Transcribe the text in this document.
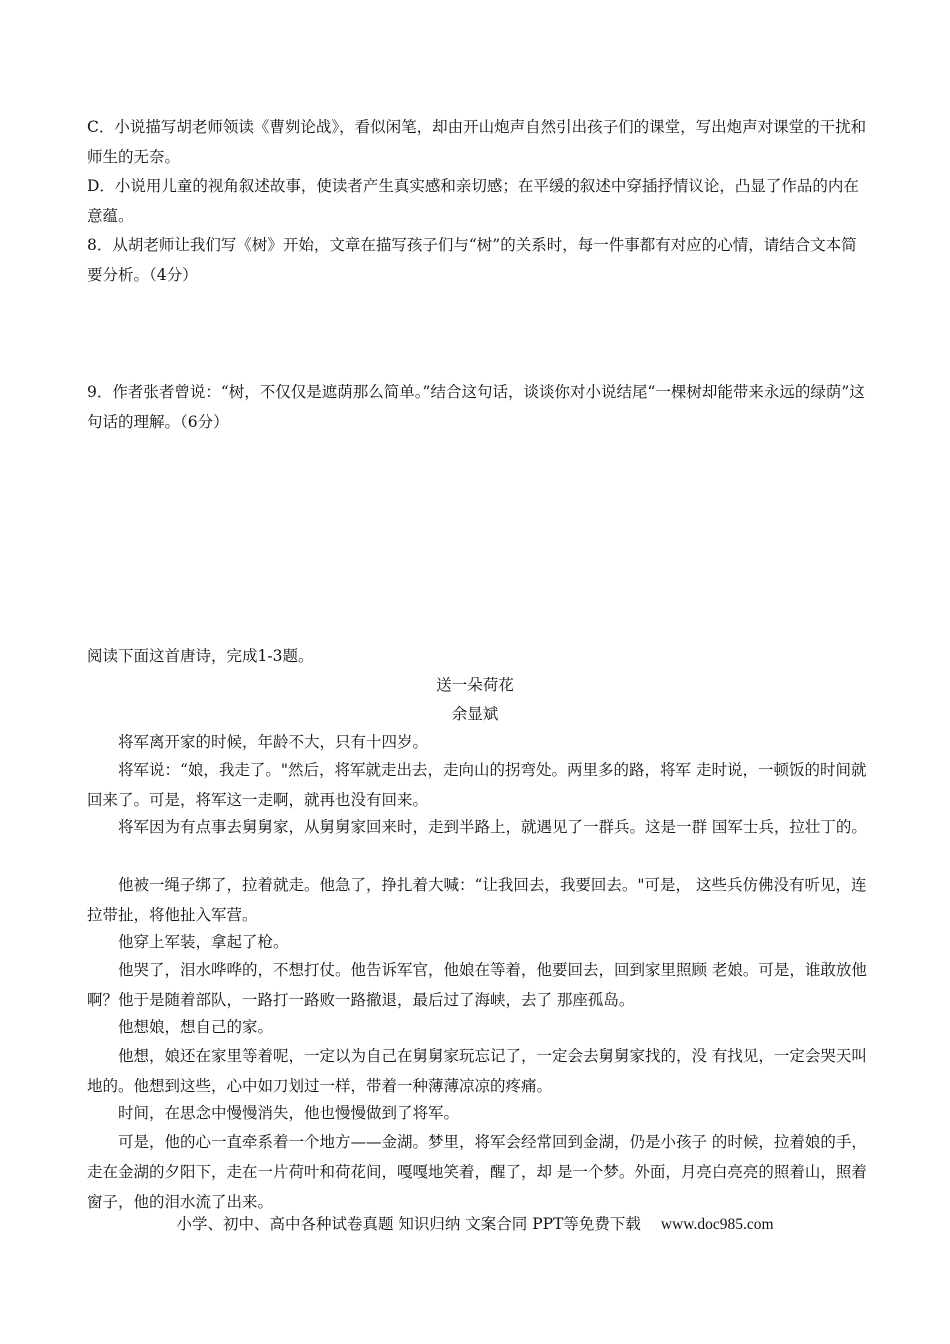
C．小说描写胡老师领读《曹刿论战》，看似闲笔，却由开山炮声自然引出孩子们的课堂，写出炮声对课堂的干扰和师生的无奈。

D．小说用儿童的视角叙述故事，使读者产生真实感和亲切感；在平缓的叙述中穿插抒情议论，凸显了作品的内在意蕴。

8．从胡老师让我们写《树》开始，文章在描写孩子们与“树”的关系时，每一件事都有对应的心情，请结合文本简要分析。（4分）

9．作者张者曾说：“树，不仅仅是遮荫那么简单。”结合这句话，谈谈你对小说结尾“一棵树却能带来永远的绿荫”这句话的理解。（6分）

阅读下面这首唐诗，完成1-3题。

送一朵荷花

余显斌

将军离开家的时候，年龄不大，只有十四岁。

将军说：“娘，我走了。"然后，将军就走出去，走向山的拐弯处。两里多的路，将军 走时说，一顿饭的时间就回来了。可是，将军这一走啊，就再也没有回来。

将军因为有点事去舅舅家，从舅舅家回来时，走到半路上，就遇见了一群兵。这是一群 国军士兵，拉壮丁的。

他被一绳子绑了，拉着就走。他急了，挣扎着大喊：“让我回去，我要回去。"可是， 这些兵仿佛没有听见，连拉带扯，将他扯入军营。

他穿上军装，拿起了枪。

他哭了，泪水哗哗的，不想打仗。他告诉军官，他娘在等着，他要回去，回到家里照顾 老娘。可是，谁敢放他啊？他于是随着部队，一路打一路败一路撤退，最后过了海峡，去了 那座孤岛。

他想娘，想自己的家。

他想，娘还在家里等着呢，一定以为自己在舅舅家玩忘记了，一定会去舅舅家找的，没 有找见，一定会哭天叫地的。他想到这些，心中如刀划过一样，带着一种薄薄凉凉的疼痛。

时间，在思念中慢慢消失，他也慢慢做到了将军。

可是，他的心一直牵系着一个地方——金湖。梦里，将军会经常回到金湖，仍是小孩子 的时候，拉着娘的手，走在金湖的夕阳下，走在一片荷叶和荷花间，嘎嘎地笑着，醒了，却 是一个梦。外面，月亮白亮亮的照着山，照着窗子，他的泪水流了出来。

小学、初中、高中各种试卷真题 知识归纳 文案合同 PPT等免费下载 www.doc985.com
